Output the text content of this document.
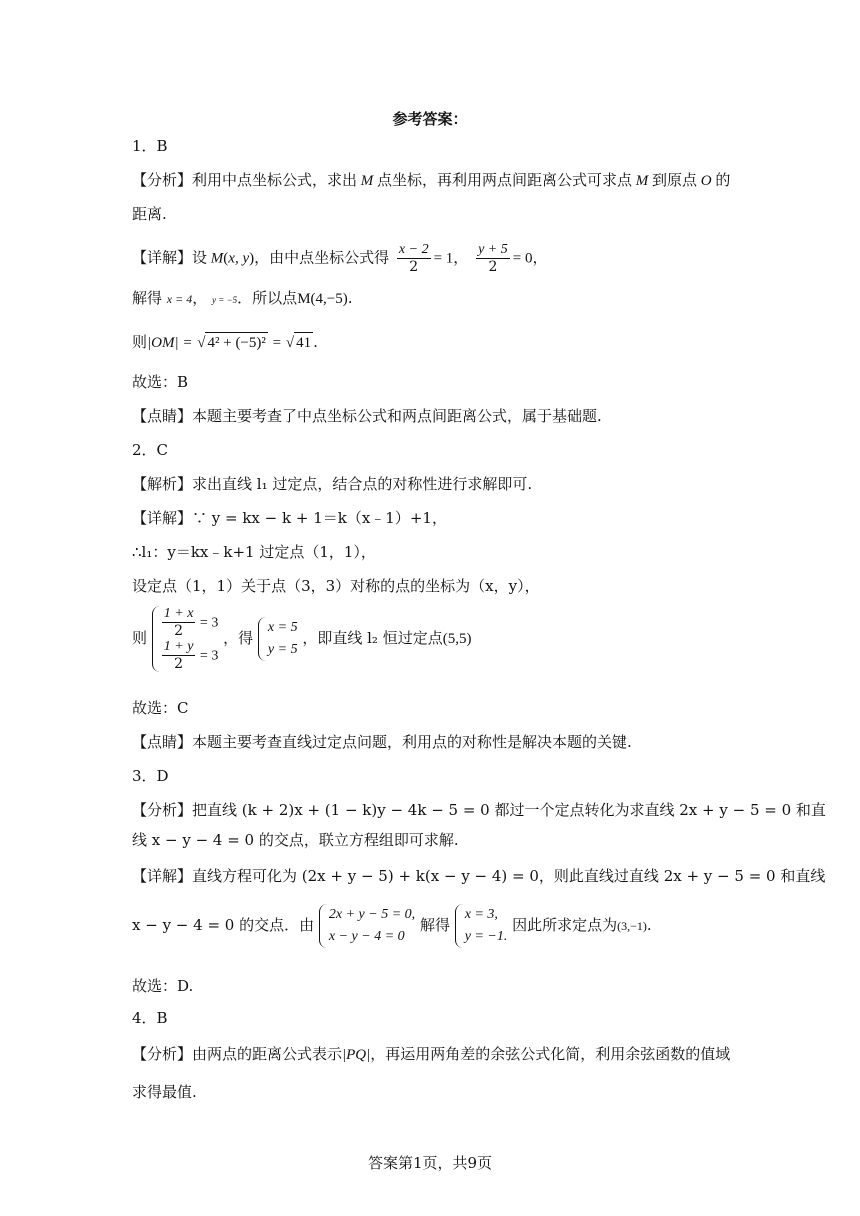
参考答案：
1．B
【分析】利用中点坐标公式，求出 M 点坐标，再利用两点间距离公式可求点 M 到原点 O 的
距离.
【详解】设 M(x, y)，由中点坐标公式得 $\frac{x - 2}{2} = 1$， $\frac{y + 5}{2} = 0$，
解得 x = 4， y = −5．所以点M(4,−5).
则|OM| = √ 4² + (−5)² = √ 41 .
故选：B
【点睛】本题主要考查了中点坐标公式和两点间距离公式，属于基础题.
2．C
【解析】求出直线 l₁ 过定点，结合点的对称性进行求解即可.
【详解】∵ y = kx − k + 1＝k（x﹣1）+1，
∴l₁：y＝kx﹣k+1 过定点（1，1），
设定点（1，1）关于点（3，3）对称的点的坐标为（x，y），
则 $\frac{1 + x}{2} = 3$
$\frac{1 + y}{2} = 3$
，得
x = 5
y = 5
，即直线 l₂ 恒过定点(5,5)
故选：C
【点睛】本题主要考查直线过定点问题，利用点的对称性是解决本题的关键.
3．D
【分析】把直线 (k + 2)x + (1 − k)y − 4k − 5 = 0 都过一个定点转化为求直线 2x + y − 5 = 0 和直
线 x − y − 4 = 0 的交点，联立方程组即可求解.
【详解】直线方程可化为 (2x + y − 5) + k(x − y − 4) = 0，则此直线过直线 2x + y − 5 = 0 和直线
x − y − 4 = 0 的交点．由
2x + y − 5 = 0,
x − y − 4 = 0
解得
x = 3,
y = −1.
因此所求定点为(3,−1).
故选：D.
4．B
【分析】由两点的距离公式表示|PQ|，再运用两角差的余弦公式化简，利用余弦函数的值域
求得最值.
答案第1页，共9页
